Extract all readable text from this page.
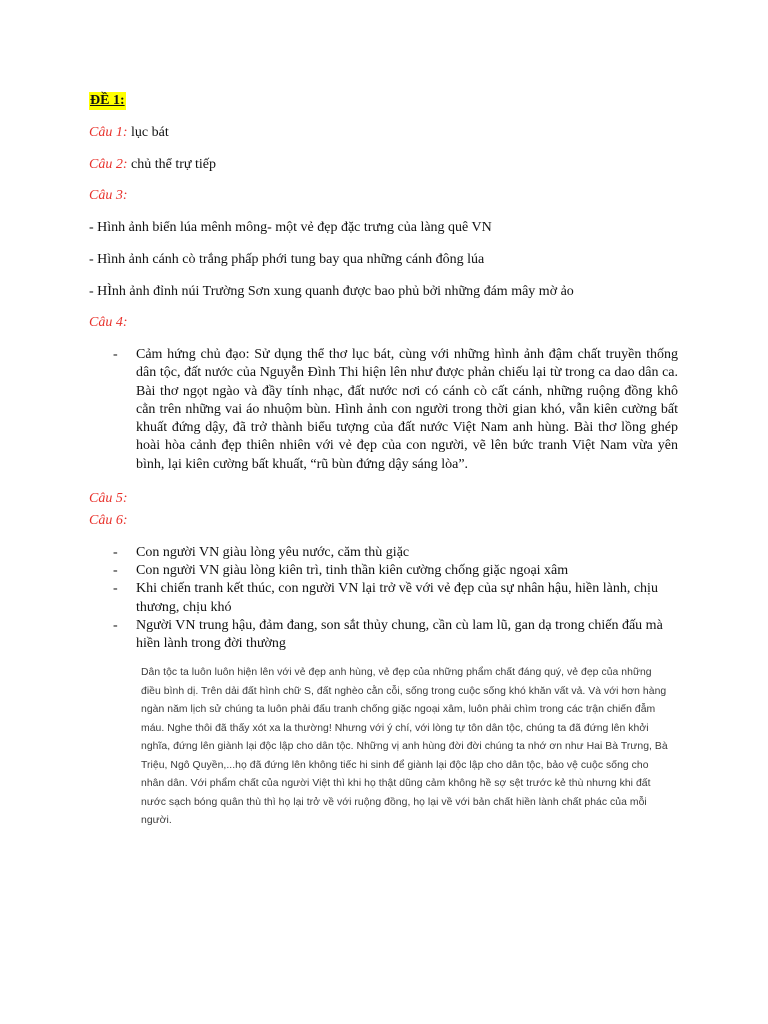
ĐỀ 1:
Câu 1: lục bát
Câu 2: chủ thể trự tiếp
Câu 3:
- Hình ảnh biển lúa mênh mông- một vẻ đẹp đặc trưng của làng quê VN
- Hình ảnh cánh cò trắng phấp phới tung bay qua những cánh đông lúa
- HÌnh ảnh đỉnh núi Trường Sơn xung quanh được bao phủ bởi những đám mây mờ ảo
Câu 4:
- Cảm hứng chủ đạo: Sử dụng thể thơ lục bát, cùng với những hình ảnh đậm chất truyền thống dân tộc, đất nước của Nguyễn Đình Thi hiện lên như được phản chiếu lại từ trong ca dao dân ca. Bài thơ ngọt ngào và đầy tính nhạc, đất nước nơi có cánh cò cất cánh, những ruộng đồng khô cằn trên những vai áo nhuộm bùn. Hình ảnh con người trong thời gian khó, vẫn kiên cường bất khuất đứng dậy, đã trở thành biểu tượng của đất nước Việt Nam anh hùng. Bài thơ lồng ghép hoài hòa cảnh đẹp thiên nhiên với vẻ đẹp của con người, vẽ lên bức tranh Việt Nam vừa yên bình, lại kiên cường bất khuất, “rũ bùn đứng dậy sáng lòa”.
Câu 5:
Câu 6:
- Con người VN giàu lòng yêu nước, căm thù giặc
- Con người VN giàu lòng kiên trì, tinh thần kiên cường chống giặc ngoại xâm
- Khi chiến tranh kết thúc, con người VN lại trở về với vẻ đẹp của sự nhân hậu, hiền lành, chịu thương, chịu khó
- Người VN trung hậu, đảm đang, son sắt thủy chung, cần cù lam lũ, gan dạ trong chiến đấu mà hiền lành trong đời thường
Dân tộc ta luôn luôn hiện lên với vẻ đẹp anh hùng, vẻ đẹp của những phẩm chất đáng quý, vẻ đẹp của những điều bình dị. Trên dải đất hình chữ S, đất nghèo cằn cỗi, sống trong cuộc sống khó khăn vất vả. Và với hơn hàng ngàn năm lịch sử chúng ta luôn phải đấu tranh chống giặc ngoại xâm, luôn phải chìm trong các trận chiến đẫm máu. Nghe thôi đã thấy xót xa la thường! Nhưng với ý chí, với lòng tự tôn dân tộc, chúng ta đã đứng lên khởi nghĩa, đứng lên giành lại độc lập cho dân tộc. Những vị anh hùng đời đời chúng ta nhớ ơn như Hai Bà Trưng, Bà Triệu, Ngô Quyền,...họ đã đứng lên không tiếc hi sinh để giành lại độc lập cho dân tộc, bảo vệ cuộc sống cho nhân dân. Với phẩm chất của người Việt thì khi họ thật dũng cảm không hề sợ sệt trước kẻ thù nhưng khi đất nước sạch bóng quân thù thì họ lại trở về với ruộng đồng, họ lại về với bản chất hiền lành chất phác của mỗi người.
